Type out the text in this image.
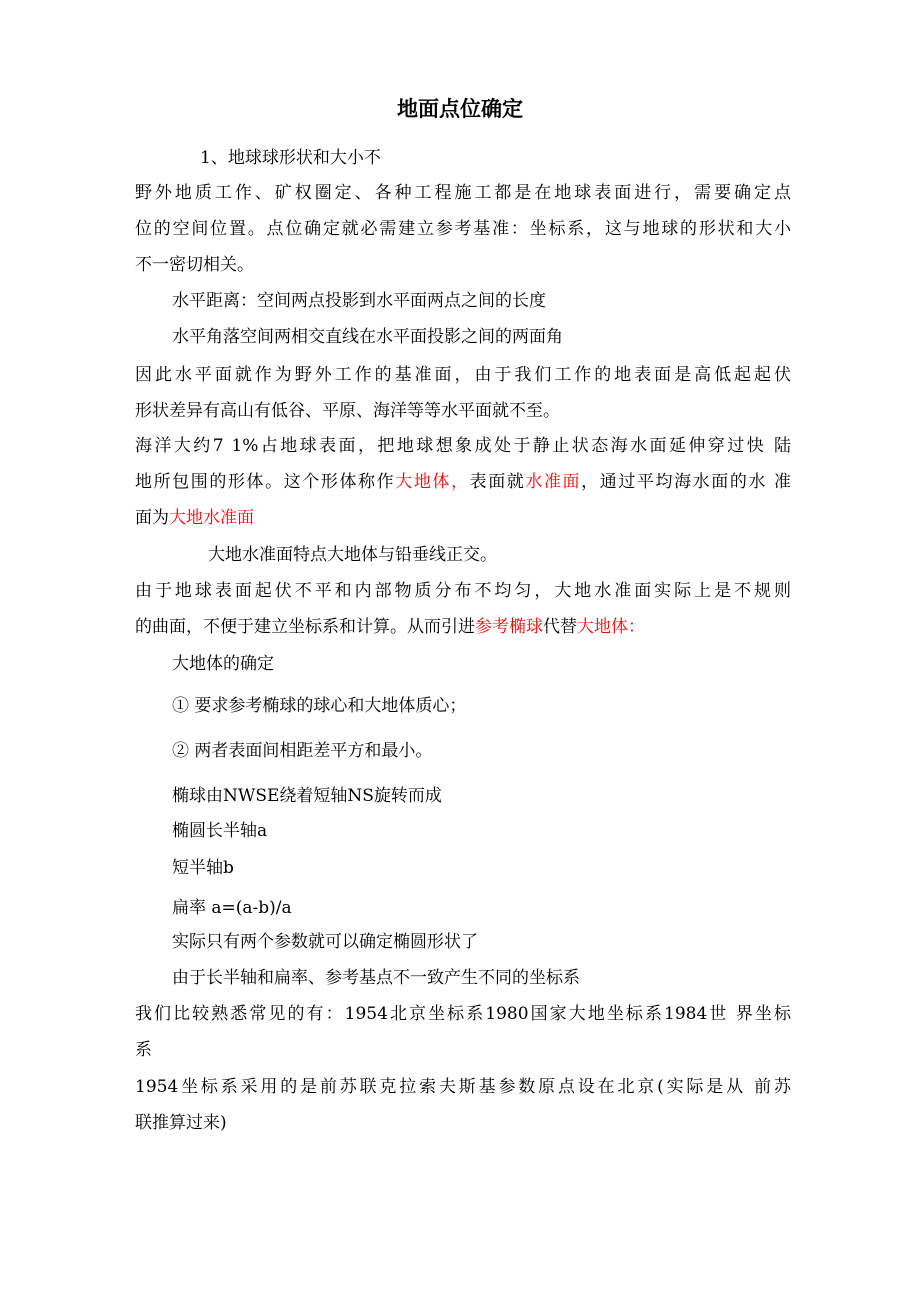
地面点位确定

1、地球球形状和大小不

野外地质工作、矿权圈定、各种工程施工都是在地球表面进行，需要确定点

位的空间位置。点位确定就必需建立参考基准：坐标系，这与地球的形状和大小

不一密切相关。

水平距离：空间两点投影到水平面两点之间的长度

水平角落空间两相交直线在水平面投影之间的两面角

因此水平面就作为野外工作的基准面，由于我们工作的地表面是高低起起伏

形状差异有高山有低谷、平原、海洋等等水平面就不至。

海洋大约7 1%占地球表面，把地球想象成处于静止状态海水面延伸穿过快 陆

地所包围的形体。这个形体称作大地体，表面就水准面，通过平均海水面的水 准

面为大地水准面

大地水准面特点大地体与铅垂线正交。

由于地球表面起伏不平和内部物质分布不均匀，大地水准面实际上是不规则

的曲面，不便于建立坐标系和计算。从而引进参考椭球代替大地体：

大地体的确定

① 要求参考椭球的球心和大地体质心；

② 两者表面间相距差平方和最小。

椭球由NWSE绕着短轴NS旋转而成

椭圆长半轴a

短半轴b

扁率 a=(a-b)/a

实际只有两个参数就可以确定椭圆形状了

由于长半轴和扁率、参考基点不一致产生不同的坐标系

我们比较熟悉常见的有：1954北京坐标系1980国家大地坐标系1984世 界坐标

系

1954坐标系采用的是前苏联克拉索夫斯基参数原点设在北京(实际是从 前苏

联推算过来)
